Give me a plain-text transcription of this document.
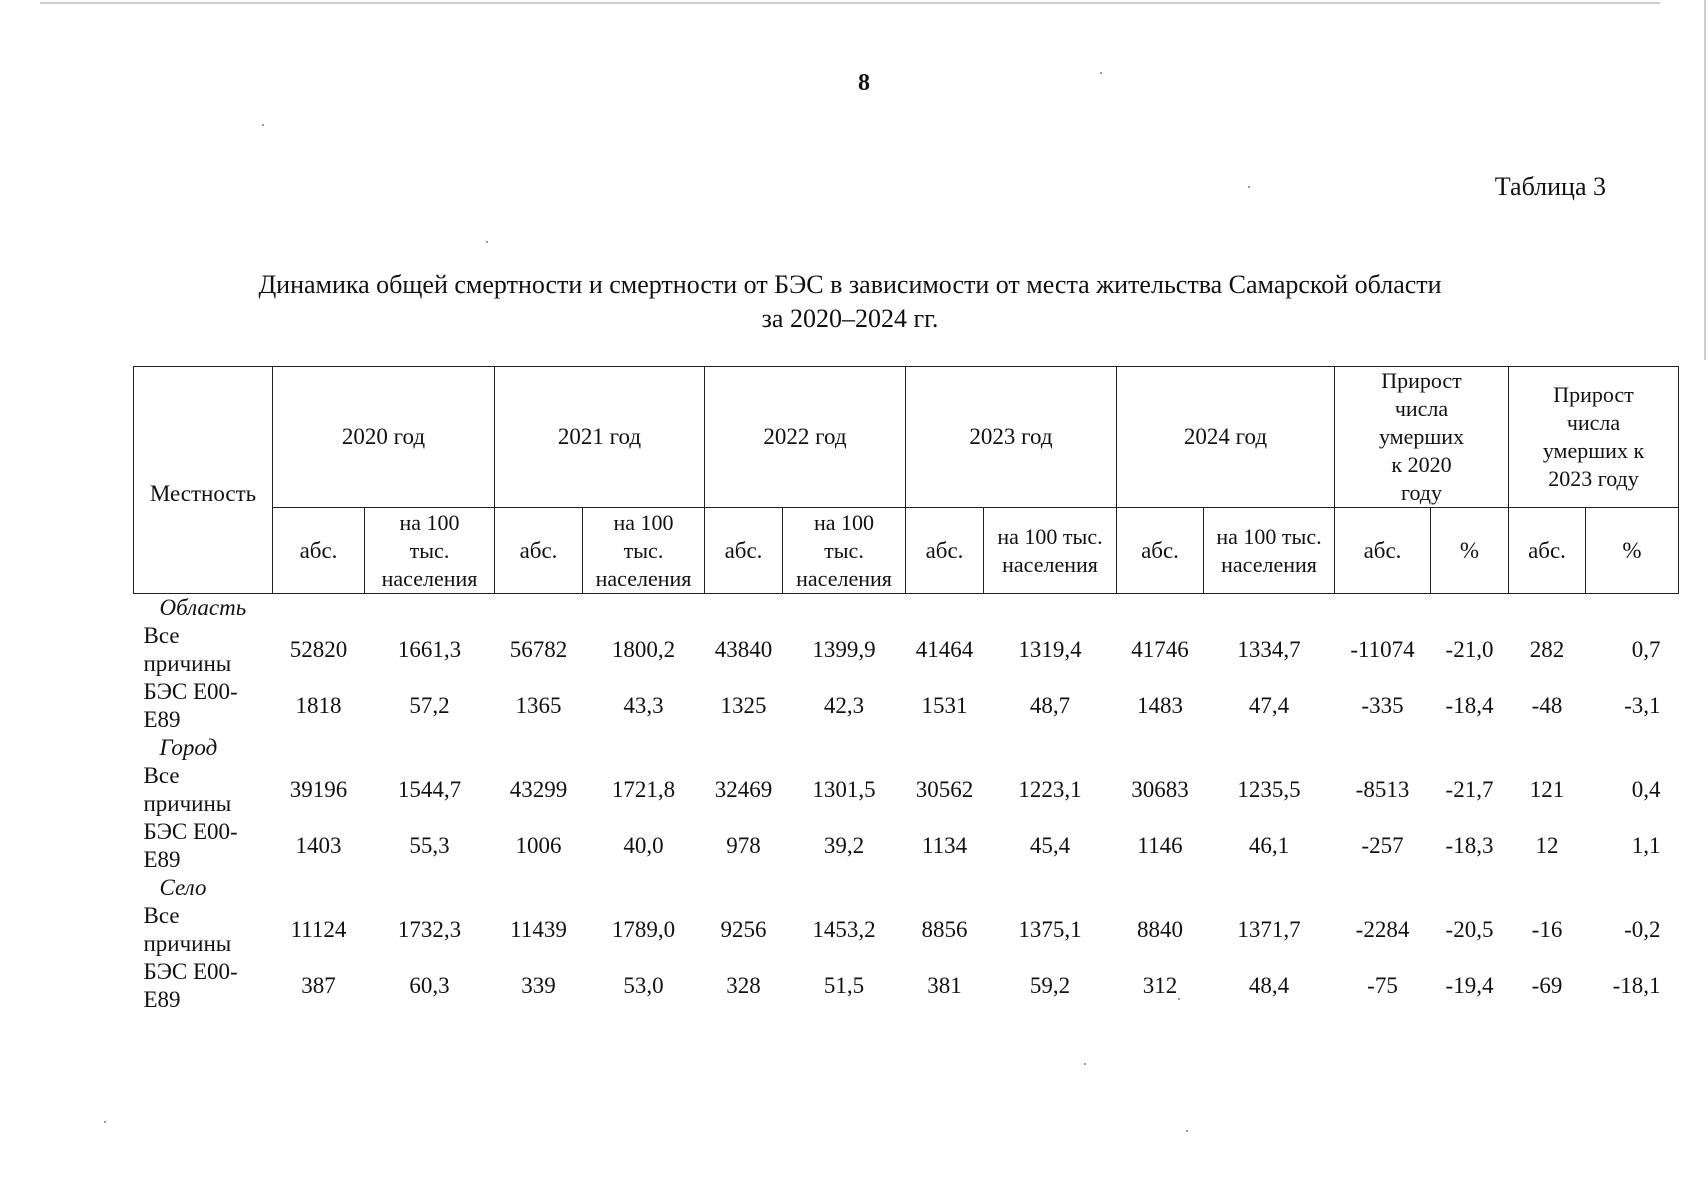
8
Таблица 3
Динамика общей смертности и смертности от БЭС в зависимости от места жительства Самарской области
за 2020–2024 гг.
Местность	2020 год		2021 год		2022 год		2023 год		2024 год		Прирост числа умерших к 2020 году		Прирост числа умерших к 2023 году	
	абс.	на 100 тыс. населения	абс.	на 100 тыс. населения	абс.	на 100 тыс. населения	абс.	на 100 тыс. населения	абс.	на 100 тыс. населения	абс.	%	абс.	%
Область														
Все причины	52820	1661,3	56782	1800,2	43840	1399,9	41464	1319,4	41746	1334,7	-11074	-21,0	282	0,7
БЭС E00-E89	1818	57,2	1365	43,3	1325	42,3	1531	48,7	1483	47,4	-335	-18,4	-48	-3,1
Город														
Все причины	39196	1544,7	43299	1721,8	32469	1301,5	30562	1223,1	30683	1235,5	-8513	-21,7	121	0,4
БЭС E00-E89	1403	55,3	1006	40,0	978	39,2	1134	45,4	1146	46,1	-257	-18,3	12	1,1
Село														
Все причины	11124	1732,3	11439	1789,0	9256	1453,2	8856	1375,1	8840	1371,7	-2284	-20,5	-16	-0,2
БЭС E00-E89	387	60,3	339	53,0	328	51,5	381	59,2	312	48,4	-75	-19,4	-69	-18,1
